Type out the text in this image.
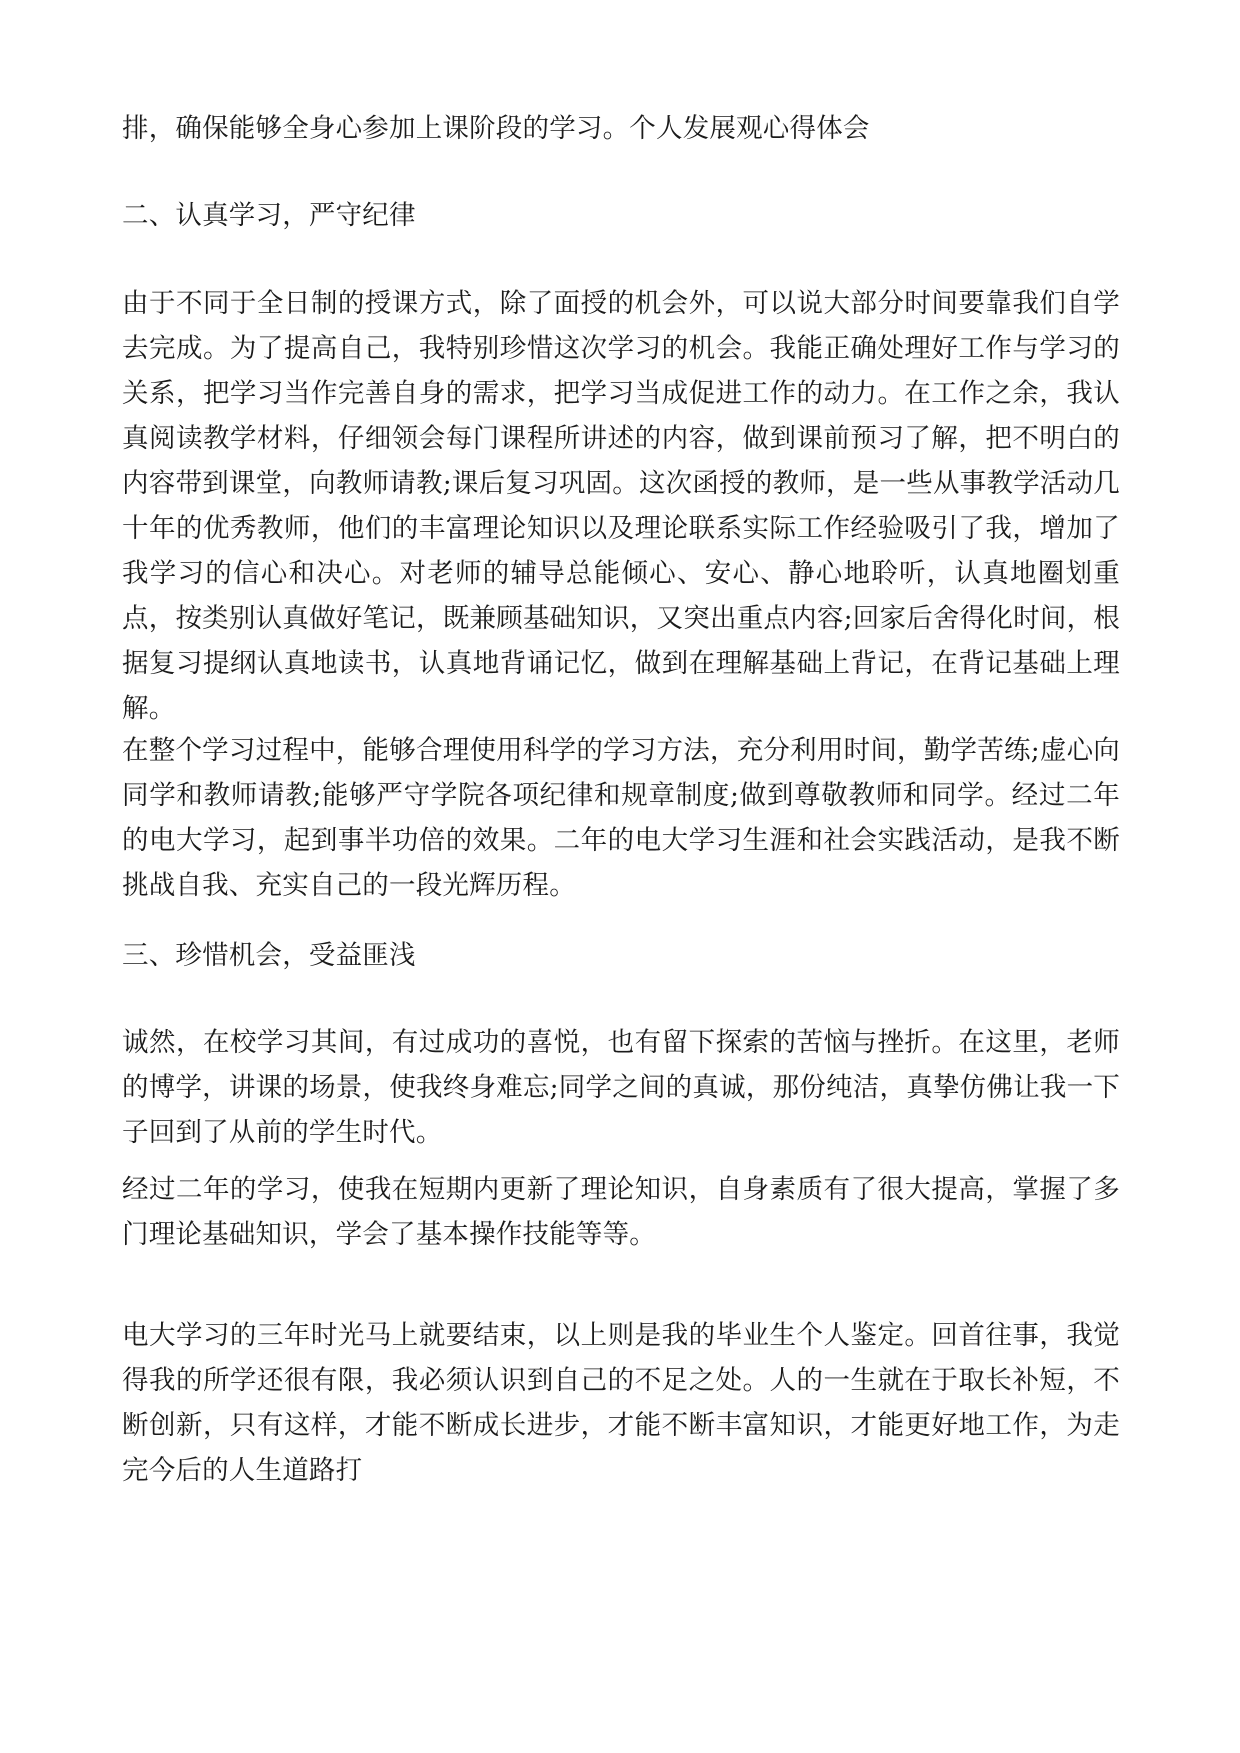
排，确保能够全身心参加上课阶段的学习。个人发展观心得体会

二、认真学习，严守纪律

由于不同于全日制的授课方式，除了面授的机会外，可以说大部分时间要靠我们自学去完成。为了提高自己，我特别珍惜这次学习的机会。我能正确处理好工作与学习的关系，把学习当作完善自身的需求，把学习当成促进工作的动力。在工作之余，我认真阅读教学材料，仔细领会每门课程所讲述的内容，做到课前预习了解，把不明白的内容带到课堂，向教师请教;课后复习巩固。这次函授的教师，是一些从事教学活动几十年的优秀教师，他们的丰富理论知识以及理论联系实际工作经验吸引了我，增加了我学习的信心和决心。对老师的辅导总能倾心、安心、静心地聆听，认真地圈划重点，按类别认真做好笔记，既兼顾基础知识，又突出重点内容;回家后舍得化时间，根据复习提纲认真地读书，认真地背诵记忆，做到在理解基础上背记，在背记基础上理解。

在整个学习过程中，能够合理使用科学的学习方法，充分利用时间，勤学苦练;虚心向同学和教师请教;能够严守学院各项纪律和规章制度;做到尊敬教师和同学。经过二年的电大学习，起到事半功倍的效果。二年的电大学习生涯和社会实践活动，是我不断挑战自我、充实自己的一段光辉历程。

三、珍惜机会，受益匪浅

诚然，在校学习其间，有过成功的喜悦，也有留下探索的苦恼与挫折。在这里，老师的博学，讲课的场景，使我终身难忘;同学之间的真诚，那份纯洁，真挚仿佛让我一下子回到了从前的学生时代。

经过二年的学习，使我在短期内更新了理论知识，自身素质有了很大提高，掌握了多门理论基础知识，学会了基本操作技能等等。

电大学习的三年时光马上就要结束，以上则是我的毕业生个人鉴定。回首往事，我觉得我的所学还很有限，我必须认识到自己的不足之处。人的一生就在于取长补短，不断创新，只有这样，才能不断成长进步，才能不断丰富知识，才能更好地工作，为走完今后的人生道路打
